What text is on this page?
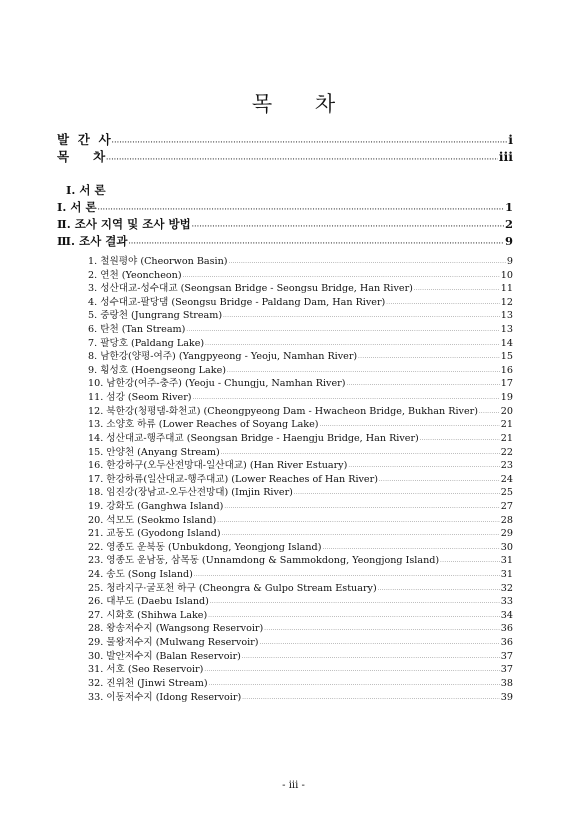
목 차
발 간 사 ·····	i
목 차 ·····	iii
Ⅰ. 서 론
Ⅰ. 서 론 ·····	1
Ⅱ. 조사 지역 및 조사 방법 ·····	2
Ⅲ. 조사 결과 ·····	9
1. 철원평야 (Cheorwon Basin) ·····	9
2. 연천 (Yeoncheon) ·····	10
3. 성산대교-성수대교 (Seongsan Bridge - Seongsu Bridge, Han River) ·····	11
4. 성수대교-팔당댐 (Seongsu Bridge - Paldang Dam, Han River) ·····	12
5. 중랑천 (Jungrang Stream) ·····	13
6. 탄천 (Tan Stream) ·····	13
7. 팔당호 (Paldang Lake) ·····	14
8. 남한강(양평-여주) (Yangpyeong - Yeoju, Namhan River) ·····	15
9. 횡성호 (Hoengseong Lake) ·····	16
10. 남한강(여주-충주) (Yeoju - Chungju, Namhan River) ·····	17
11. 섬강 (Seom River) ·····	19
12. 북한강(청평댐-화천교) (Cheongpyeong Dam - Hwacheon Bridge, Bukhan River) ····· 20
13. 소양호 하류 (Lower Reaches of Soyang Lake) ·····	21
14. 성산대교-행주대교 (Seongsan Bridge - Haengju Bridge, Han River) ·····	21
15. 안양천 (Anyang Stream) ·····	22
16. 한강하구(오두산전망대-일산대교) (Han River Estuary) ·····	23
17. 한강하류(일산대교-행주대교) (Lower Reaches of Han River) ·····	24
18. 임진강(장남교-오두산전망대) (Imjin River) ·····	25
19. 강화도 (Ganghwa Island) ·····	27
20. 석모도 (Seokmo Island) ·····	28
21. 교동도 (Gyodong Island) ·····	29
22. 영종도 운북동 (Unbukdong, Yeongjong Island) ·····	30
23. 영종도 운남동, 삼목동 (Unnamdong & Sammokdong, Yeongjong Island) ·····	31
24. 송도 (Song Island) ·····	31
25. 청라지구·굴포천 하구 (Cheongra & Gulpo Stream Estuary) ·····	32
26. 대부도 (Daebu Island) ·····	33
27. 시화호 (Shihwa Lake) ·····	34
28. 왕송저수지 (Wangsong Reservoir) ·····	36
29. 물왕저수지 (Mulwang Reservoir) ·····	36
30. 발안저수지 (Balan Reservoir) ·····	37
31. 서호 (Seo Reservoir) ·····	37
32. 진위천 (Jinwi Stream) ·····	38
33. 이동저수지 (Idong Reservoir) ·····	39
- iii -
